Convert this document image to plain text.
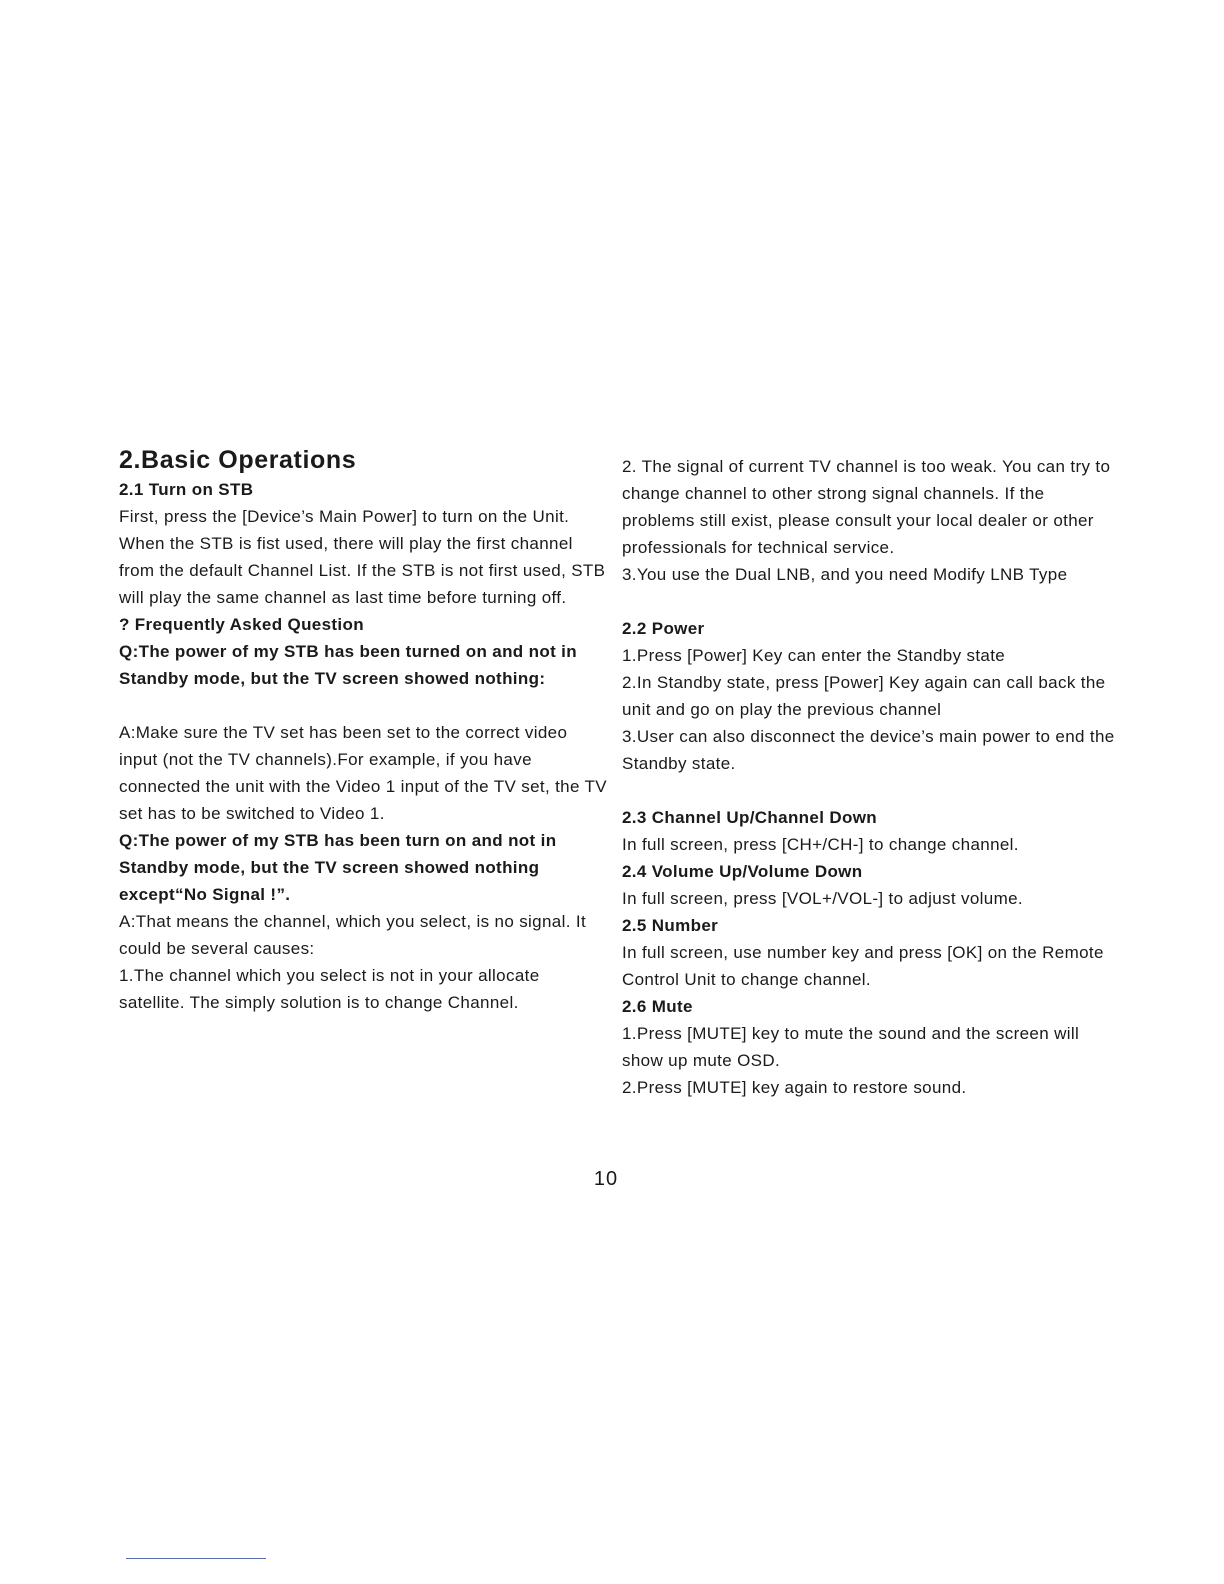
2.Basic Operations
2.1 Turn on STB
First, press the [Device’s Main Power] to turn on the Unit.
When the STB is fist used, there will play the first channel from the default Channel List. If the STB is not first used, STB will play the same channel as last time before turning off.
? Frequently Asked Question
Q:The power of my STB has been turned on and not in Standby mode, but the TV screen showed nothing:
A:Make sure the TV set has been set to the correct video input (not the TV channels).For example, if you have connected the unit with the Video 1 input of the TV set, the TV set has to be switched to Video 1.
Q:The power of my STB has been turn on and not in Standby mode, but the TV screen showed nothing except“No Signal !”.
A:That means the channel, which you select, is no signal. It could be several causes:
1.The channel which you select is not in your allocate satellite. The simply solution is to change Channel.
2. The signal of current TV channel is too weak. You can try to change channel to other strong signal channels. If the problems still exist, please consult your local dealer or other professionals for technical service.
3.You use the Dual LNB, and you need Modify LNB Type
2.2 Power
1.Press [Power] Key can enter the Standby state
2.In Standby state, press [Power] Key again can call back the unit and go on play the previous channel
3.User can also disconnect the device’s main power to end the Standby state.
2.3 Channel Up/Channel Down
In full screen, press [CH+/CH-] to change channel.
2.4 Volume Up/Volume Down
In full screen, press [VOL+/VOL-] to adjust volume.
2.5 Number
In full screen, use number key and press [OK] on the Remote Control Unit to change channel.
2.6 Mute
1.Press [MUTE] key to mute the sound and the screen will show up mute OSD.
2.Press [MUTE] key again to restore sound.
10
